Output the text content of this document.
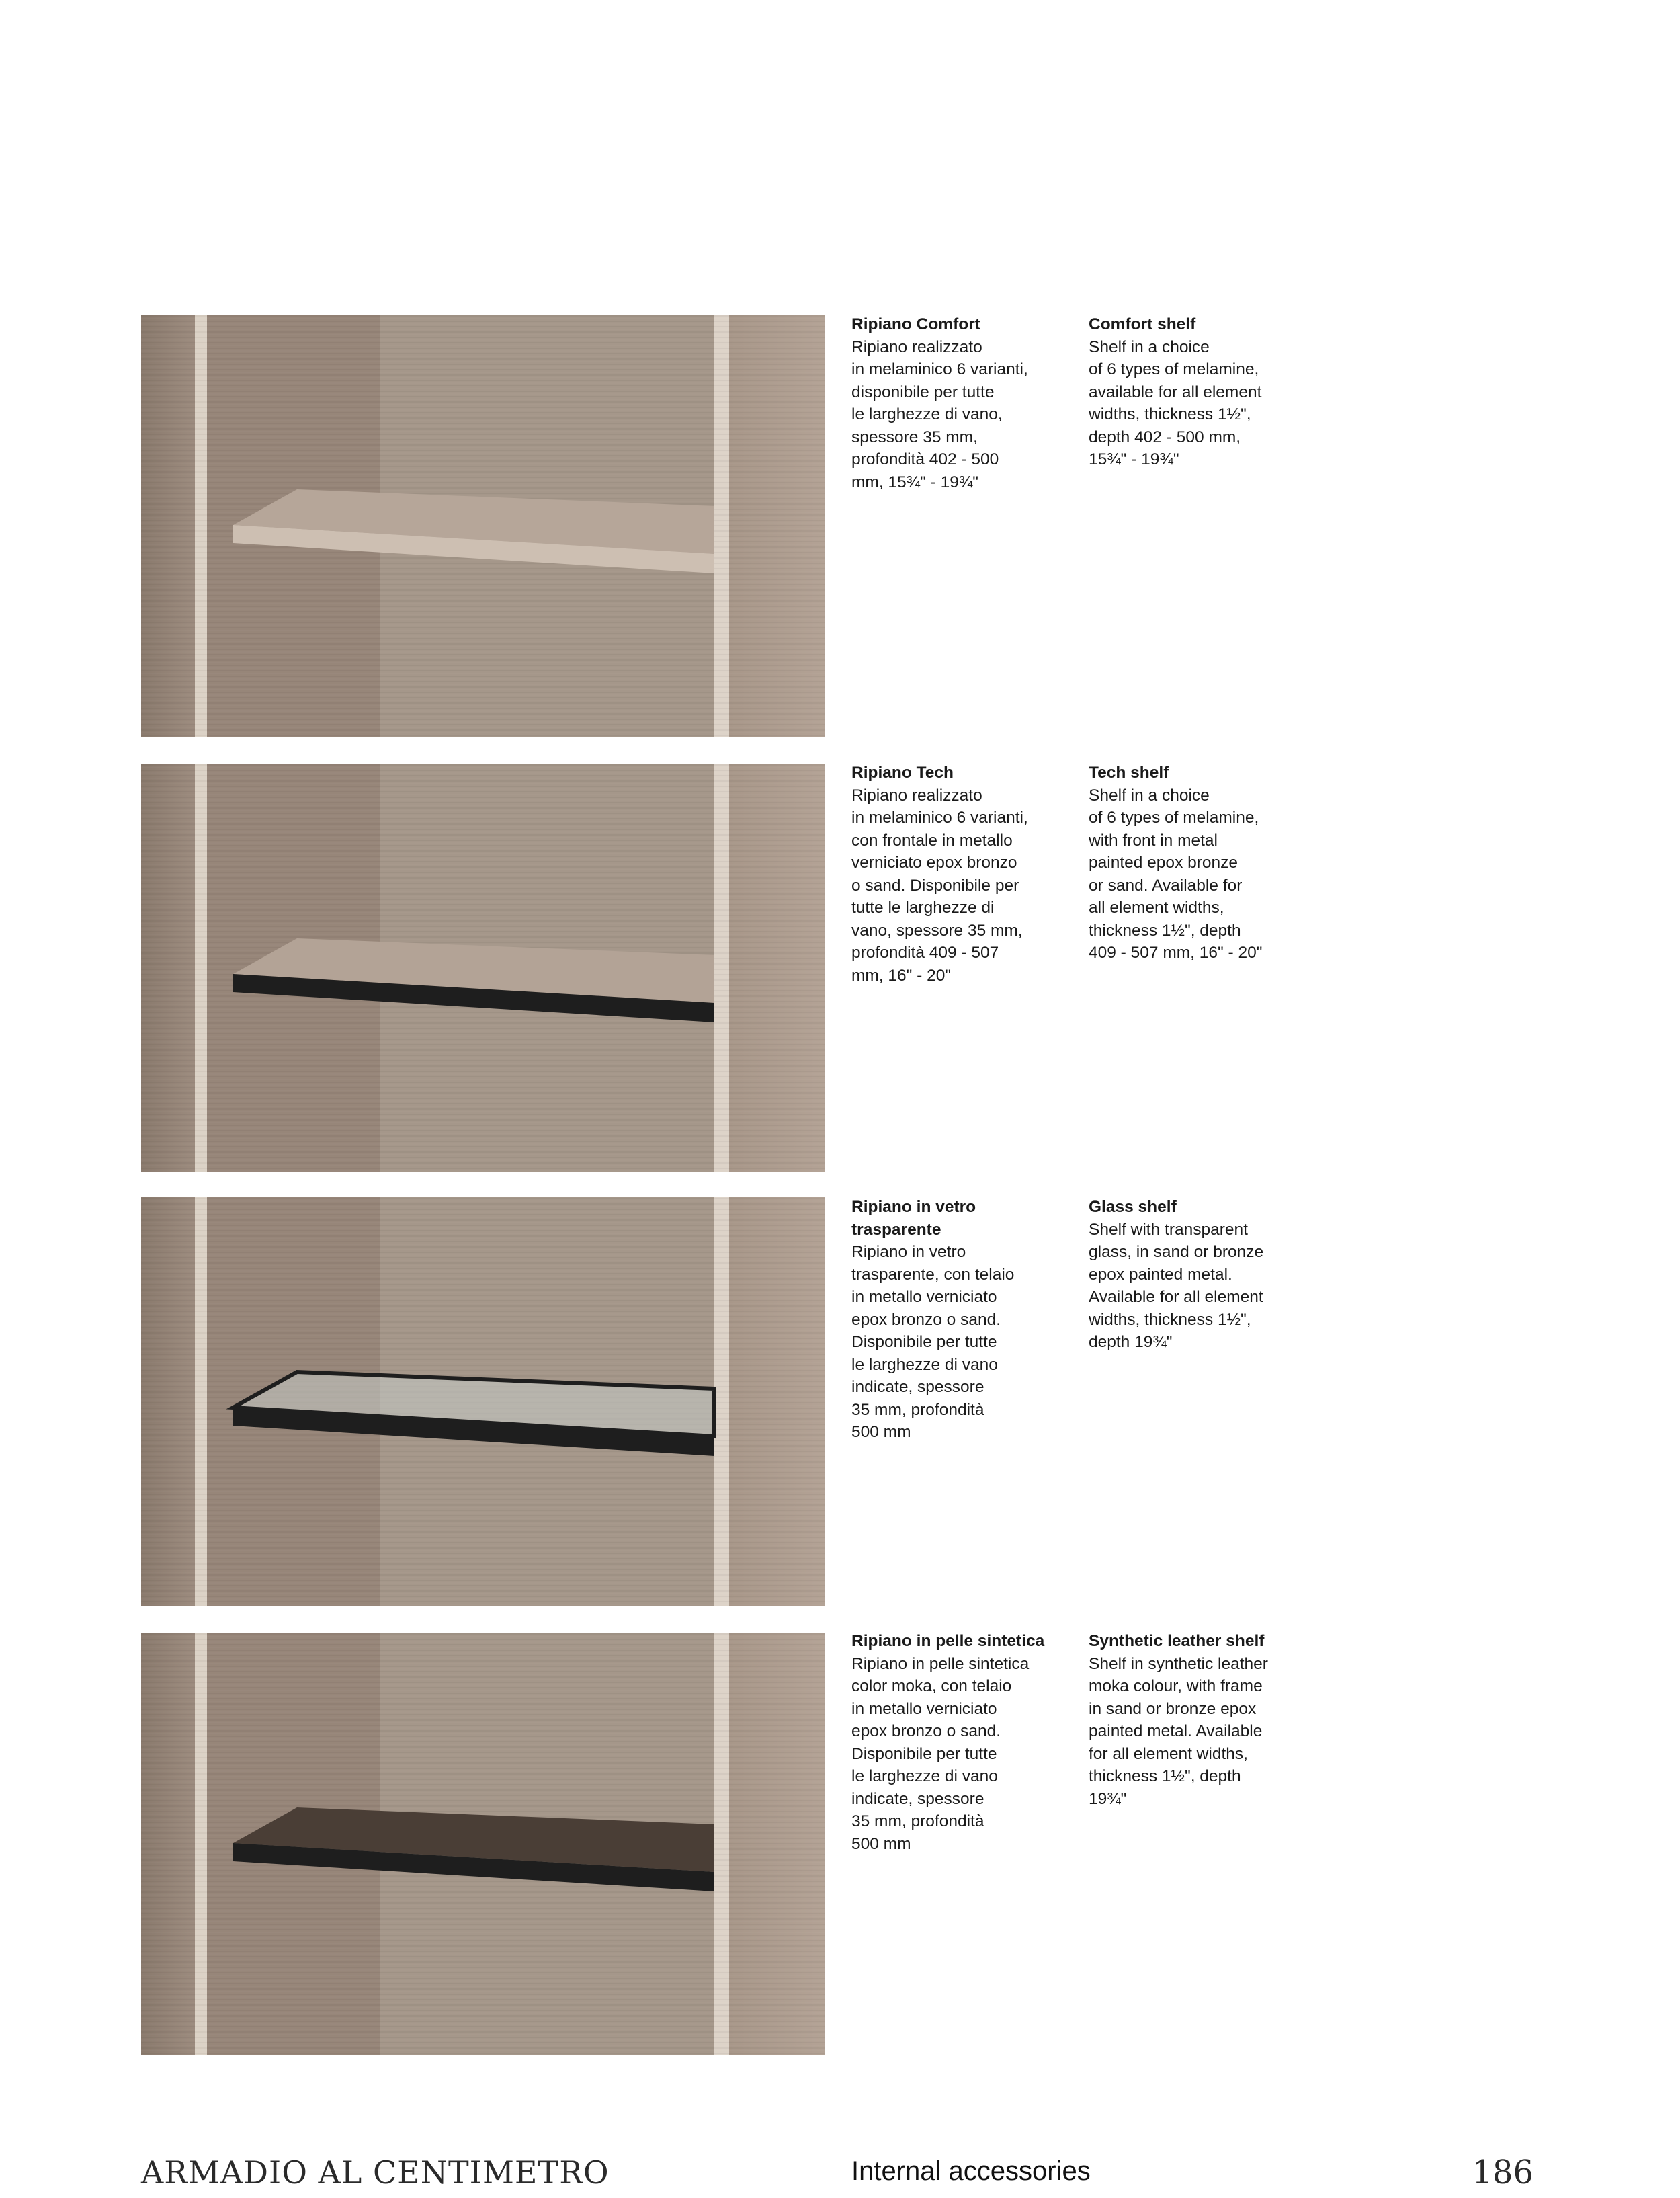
Ripiano Comfort
Ripiano realizzato
in melaminico 6 varianti,
disponibile per tutte
le larghezze di vano,
spessore 35 mm,
profondità 402 - 500
mm, 15¾" - 19¾"
Comfort shelf
Shelf in a choice
of 6 types of melamine,
available for all element
widths, thickness 1½",
depth 402 - 500 mm,
15¾" - 19¾"
Ripiano Tech
Ripiano realizzato
in melaminico 6 varianti,
con frontale in metallo
verniciato epox bronzo
o sand. Disponibile per
tutte le larghezze di
vano, spessore 35 mm,
profondità 409 - 507
mm, 16" - 20"
Tech shelf
Shelf in a choice
of 6 types of melamine,
with front in metal
painted epox bronze
or sand. Available for
all element widths,
thickness 1½", depth
409 - 507 mm, 16" - 20"
Ripiano in vetro
trasparente
Ripiano in vetro
trasparente, con telaio
in metallo verniciato
epox bronzo o sand.
Disponibile per tutte
le larghezze di vano
indicate, spessore
35 mm, profondità
500 mm
Glass shelf
Shelf with transparent
glass, in sand or bronze
epox painted metal.
Available for all element
widths, thickness 1½",
depth 19¾"
Ripiano in pelle sintetica
Ripiano in pelle sintetica
color moka, con telaio
in metallo verniciato
epox bronzo o sand.
Disponibile per tutte
le larghezze di vano
indicate, spessore
35 mm, profondità
500 mm
Synthetic leather shelf
Shelf in synthetic leather
moka colour, with frame
in sand or bronze epox
painted metal. Available
for all element widths,
thickness 1½", depth
19¾"
ARMADIO AL CENTIMETRO	Internal accessories	186
